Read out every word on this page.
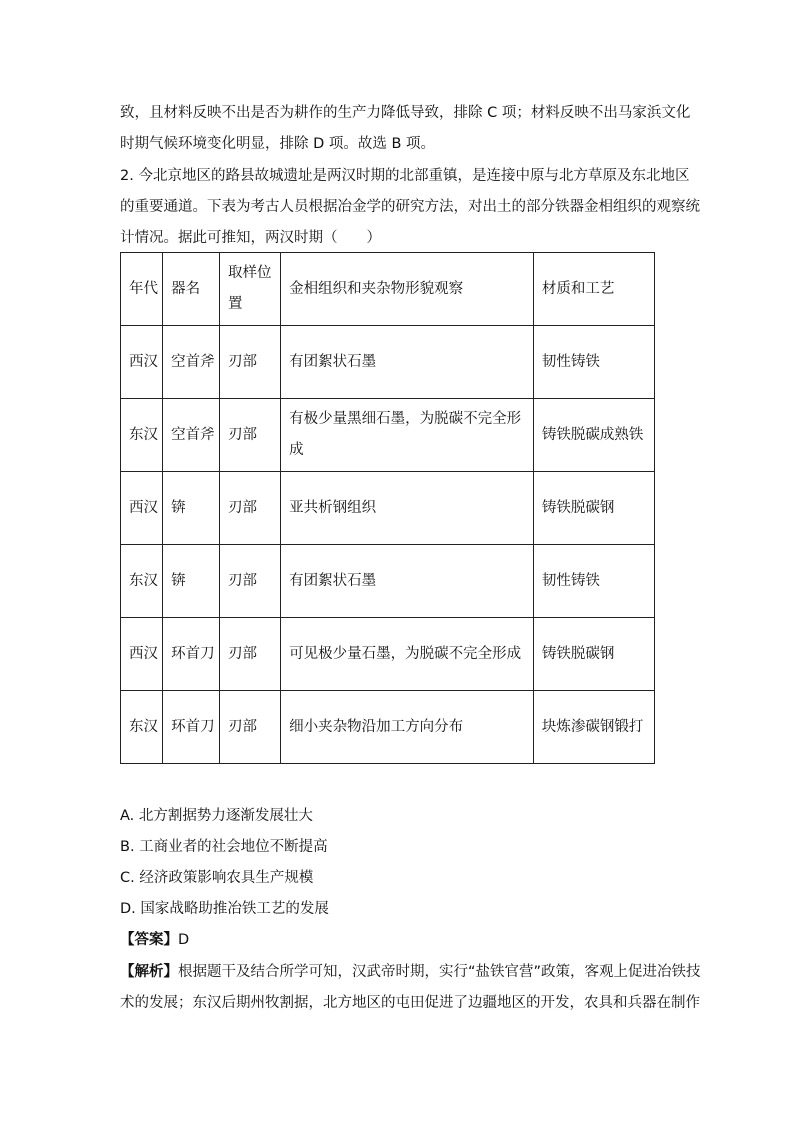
致，且材料反映不出是否为耕作的生产力降低导致，排除 C 项；材料反映不出马家浜文化
时期气候环境变化明显，排除 D 项。故选 B 项。
2. 今北京地区的路县故城遗址是两汉时期的北部重镇，是连接中原与北方草原及东北地区
的重要通道。下表为考古人员根据冶金学的研究方法，对出土的部分铁器金相组织的观察统
计情况。据此可推知，两汉时期（　　）
年代	器名	取样位置	金相组织和夹杂物形貌观察	材质和工艺
西汉	空首斧	刃部	有团絮状石墨	韧性铸铁
东汉	空首斧	刃部	有极少量黑细石墨，为脱碳不完全形成	铸铁脱碳成熟铁
西汉	锛	刃部	亚共析钢组织	铸铁脱碳钢
东汉	锛	刃部	有团絮状石墨	韧性铸铁
西汉	环首刀	刃部	可见极少量石墨，为脱碳不完全形成	铸铁脱碳钢
东汉	环首刀	刃部	细小夹杂物沿加工方向分布	块炼渗碳钢锻打
A. 北方割据势力逐渐发展壮大
B. 工商业者的社会地位不断提高
C. 经济政策影响农具生产规模
D. 国家战略助推冶铁工艺的发展
【答案】D
【解析】根据题干及结合所学可知，汉武帝时期，实行“盐铁官营”政策，客观上促进冶铁技
术的发展；东汉后期州牧割据，北方地区的屯田促进了边疆地区的开发，农具和兵器在制作
